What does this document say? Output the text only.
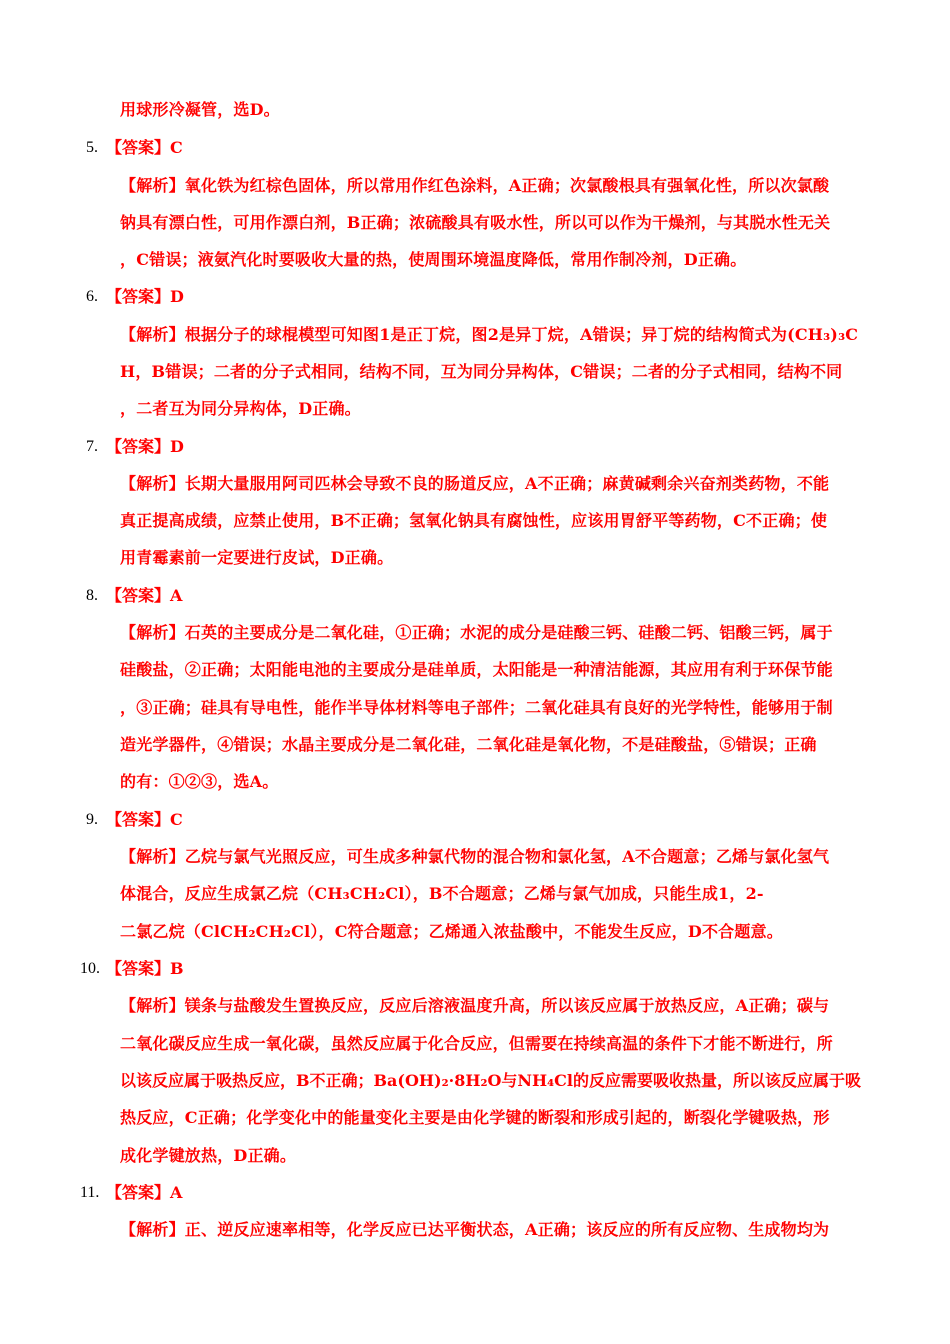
用球形冷凝管，选D。
5. 【答案】C
【解析】氧化铁为红棕色固体，所以常用作红色涂料，A正确；次氯酸根具有强氧化性，所以次氯酸
钠具有漂白性，可用作漂白剂，B正确；浓硫酸具有吸水性，所以可以作为干燥剂，与其脱水性无关
，C错误；液氨汽化时要吸收大量的热，使周围环境温度降低，常用作制冷剂，D正确。
6. 【答案】D
【解析】根据分子的球棍模型可知图1是正丁烷，图2是异丁烷，A错误；异丁烷的结构简式为(CH₃)₃C
H，B错误；二者的分子式相同，结构不同，互为同分异构体，C错误；二者的分子式相同，结构不同
，二者互为同分异构体，D正确。
7. 【答案】D
【解析】长期大量服用阿司匹林会导致不良的肠道反应，A不正确；麻黄碱剩余兴奋剂类药物，不能
真正提高成绩，应禁止使用，B不正确；氢氧化钠具有腐蚀性，应该用胃舒平等药物，C不正确；使
用青霉素前一定要进行皮试，D正确。
8. 【答案】A
【解析】石英的主要成分是二氧化硅，①正确；水泥的成分是硅酸三钙、硅酸二钙、铝酸三钙，属于
硅酸盐，②正确；太阳能电池的主要成分是硅单质，太阳能是一种清洁能源，其应用有利于环保节能
，③正确；硅具有导电性，能作半导体材料等电子部件；二氧化硅具有良好的光学特性，能够用于制
造光学器件，④错误；水晶主要成分是二氧化硅，二氧化硅是氧化物，不是硅酸盐，⑤错误；正确
的有：①②③，选A。
9. 【答案】C
【解析】乙烷与氯气光照反应，可生成多种氯代物的混合物和氯化氢，A不合题意；乙烯与氯化氢气
体混合，反应生成氯乙烷（CH₃CH₂Cl），B不合题意；乙烯与氯气加成，只能生成1，2-
二氯乙烷（ClCH₂CH₂Cl），C符合题意；乙烯通入浓盐酸中，不能发生反应，D不合题意。
10. 【答案】B
【解析】镁条与盐酸发生置换反应，反应后溶液温度升高，所以该反应属于放热反应，A正确；碳与
二氧化碳反应生成一氧化碳，虽然反应属于化合反应，但需要在持续高温的条件下才能不断进行，所
以该反应属于吸热反应，B不正确；Ba(OH)₂·8H₂O与NH₄Cl的反应需要吸收热量，所以该反应属于吸
热反应，C正确；化学变化中的能量变化主要是由化学键的断裂和形成引起的，断裂化学键吸热，形
成化学键放热，D正确。
11. 【答案】A
【解析】正、逆反应速率相等，化学反应已达平衡状态，A正确；该反应的所有反应物、生成物均为
